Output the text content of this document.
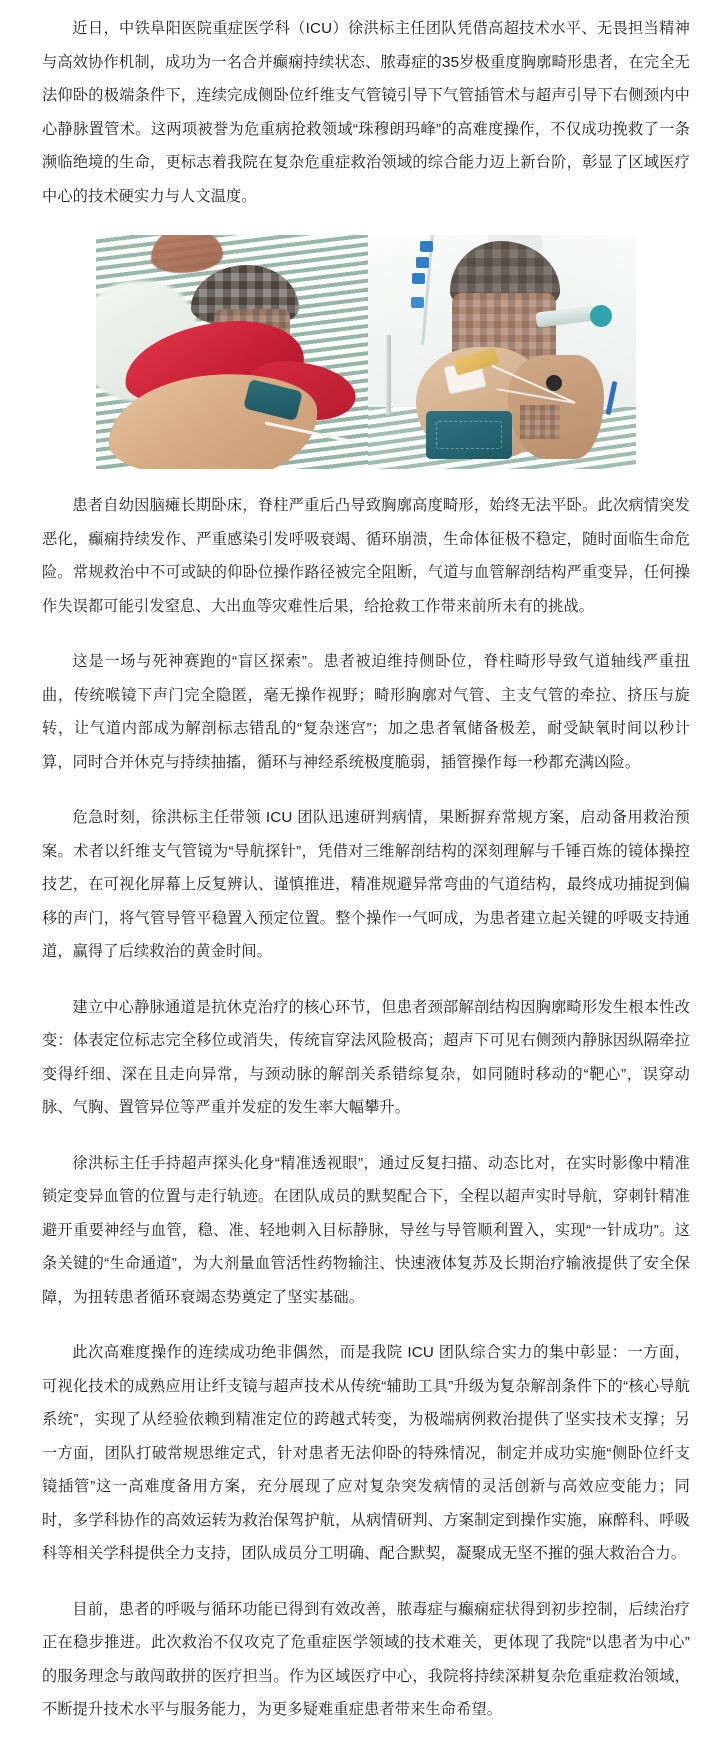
近日，中铁阜阳医院重症医学科（ICU）徐洪标主任团队凭借高超技术水平、无畏担当精神与高效协作机制，成功为一名合并癫痫持续状态、脓毒症的35岁极重度胸廓畸形患者，在完全无法仰卧的极端条件下，连续完成侧卧位纤维支气管镜引导下气管插管术与超声引导下右侧颈内中心静脉置管术。这两项被誉为危重病抢救领域“珠穆朗玛峰”的高难度操作，不仅成功挽救了一条濒临绝境的生命，更标志着我院在复杂危重症救治领域的综合能力迈上新台阶，彰显了区域医疗中心的技术硬实力与人文温度。

患者自幼因脑瘫长期卧床，脊柱严重后凸导致胸廓高度畸形，始终无法平卧。此次病情突发恶化，癫痫持续发作、严重感染引发呼吸衰竭、循环崩溃，生命体征极不稳定，随时面临生命危险。常规救治中不可或缺的仰卧位操作路径被完全阻断，气道与血管解剖结构严重变异，任何操作失误都可能引发窒息、大出血等灾难性后果，给抢救工作带来前所未有的挑战。

这是一场与死神赛跑的“盲区探索”。患者被迫维持侧卧位，脊柱畸形导致气道轴线严重扭曲，传统喉镜下声门完全隐匿，毫无操作视野；畸形胸廓对气管、主支气管的牵拉、挤压与旋转，让气道内部成为解剖标志错乱的“复杂迷宫”；加之患者氧储备极差，耐受缺氧时间以秒计算，同时合并休克与持续抽搐，循环与神经系统极度脆弱，插管操作每一秒都充满凶险。

危急时刻，徐洪标主任带领 ICU 团队迅速研判病情，果断摒弃常规方案，启动备用救治预案。术者以纤维支气管镜为“导航探针”，凭借对三维解剖结构的深刻理解与千锤百炼的镜体操控技艺，在可视化屏幕上反复辨认、谨慎推进，精准规避异常弯曲的气道结构，最终成功捕捉到偏移的声门，将气管导管平稳置入预定位置。整个操作一气呵成，为患者建立起关键的呼吸支持通道，赢得了后续救治的黄金时间。

建立中心静脉通道是抗休克治疗的核心环节，但患者颈部解剖结构因胸廓畸形发生根本性改变：体表定位标志完全移位或消失，传统盲穿法风险极高；超声下可见右侧颈内静脉因纵隔牵拉变得纤细、深在且走向异常，与颈动脉的解剖关系错综复杂，如同随时移动的“靶心”，误穿动脉、气胸、置管异位等严重并发症的发生率大幅攀升。

徐洪标主任手持超声探头化身“精准透视眼”，通过反复扫描、动态比对，在实时影像中精准锁定变异血管的位置与走行轨迹。在团队成员的默契配合下，全程以超声实时导航，穿刺针精准避开重要神经与血管，稳、准、轻地刺入目标静脉，导丝与导管顺利置入，实现“一针成功”。这条关键的“生命通道”，为大剂量血管活性药物输注、快速液体复苏及长期治疗输液提供了安全保障，为扭转患者循环衰竭态势奠定了坚实基础。

此次高难度操作的连续成功绝非偶然，而是我院 ICU 团队综合实力的集中彰显：一方面，可视化技术的成熟应用让纤支镜与超声技术从传统“辅助工具”升级为复杂解剖条件下的“核心导航系统”，实现了从经验依赖到精准定位的跨越式转变，为极端病例救治提供了坚实技术支撑；另一方面，团队打破常规思维定式，针对患者无法仰卧的特殊情况，制定并成功实施“侧卧位纤支镜插管”这一高难度备用方案，充分展现了应对复杂突发病情的灵活创新与高效应变能力；同时，多学科协作的高效运转为救治保驾护航，从病情研判、方案制定到操作实施，麻醉科、呼吸科等相关学科提供全力支持，团队成员分工明确、配合默契，凝聚成无坚不摧的强大救治合力。

目前，患者的呼吸与循环功能已得到有效改善，脓毒症与癫痫症状得到初步控制，后续治疗正在稳步推进。此次救治不仅攻克了危重症医学领域的技术难关，更体现了我院“以患者为中心”的服务理念与敢闯敢拼的医疗担当。作为区域医疗中心，我院将持续深耕复杂危重症救治领域，不断提升技术水平与服务能力，为更多疑难重症患者带来生命希望。
